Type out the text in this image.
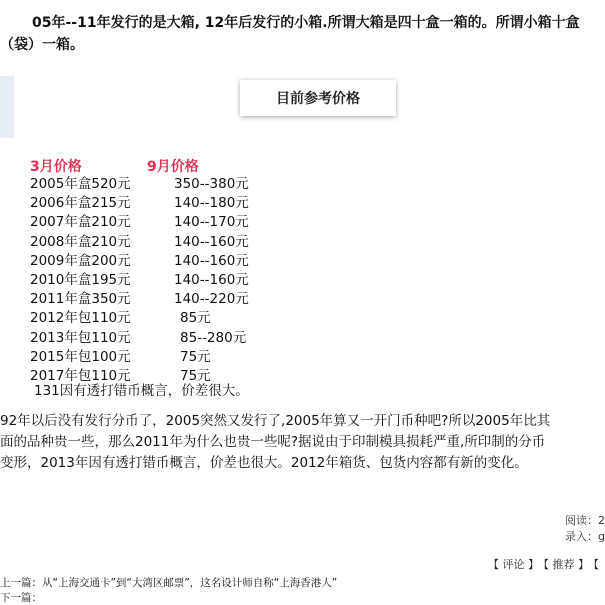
05年--11年发行的是大箱, 12年后发行的小箱.所谓大箱是四十盒一箱的。所谓小箱十盒
（袋）一箱。
目前参考价格
3月价格	9月价格
2005年盒520元	350--380元
2006年盒215元	140--180元
2007年盒210元	140--170元
2008年盒210元	140--160元
2009年盒200元	140--160元
2010年盒195元	140--160元
2011年盒350元	140--220元
2012年包110元	85元
2013年包110元	85--280元
2015年包100元	75元
2017年包110元	75元
131因有透打错币概言，价差很大。
92年以后没有发行分币了，2005突然又发行了,2005年算又一开门币种吧?所以2005年比其
面的品种贵一些，那么2011年为什么也贵一些呢?据说由于印制模具损耗严重,所印制的分币
变形，2013年因有透打错币概言，价差也很大。2012年箱货、包货内容都有新的变化。
阅读：2
录入：g
【 评论 】 【 推荐 】 【
上一篇：从“上海交通卡”到“大湾区邮票”，这名设计师自称“上海香港人”
下一篇：
